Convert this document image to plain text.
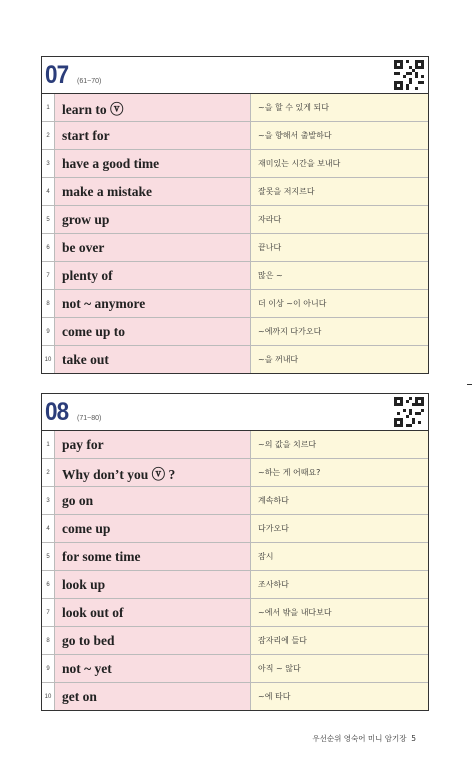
07 (61~70)
1 learn to ⓥ	~을 할 수 있게 되다
2 start for	~을 향해서 출발하다
3 have a good time	재미있는 시간을 보내다
4 make a mistake	잘못을 저지르다
5 grow up	자라다
6 be over	끝나다
7 plenty of	많은 ~
8 not ~ anymore	더 이상 ~이 아니다
9 come up to	~에까지 다가오다
10 take out	~을 꺼내다
08 (71~80)
1 pay for	~의 값을 치르다
2 Why don’t you ⓥ ?	~하는 게 어때요?
3 go on	계속하다
4 come up	다가오다
5 for some time	잠시
6 look up	조사하다
7 look out of	~에서 밖을 내다보다
8 go to bed	잠자리에 들다
9 not ~ yet	아직 ~ 않다
10 get on	~에 타다
우선순위 영숙어 미니 암기장 5
